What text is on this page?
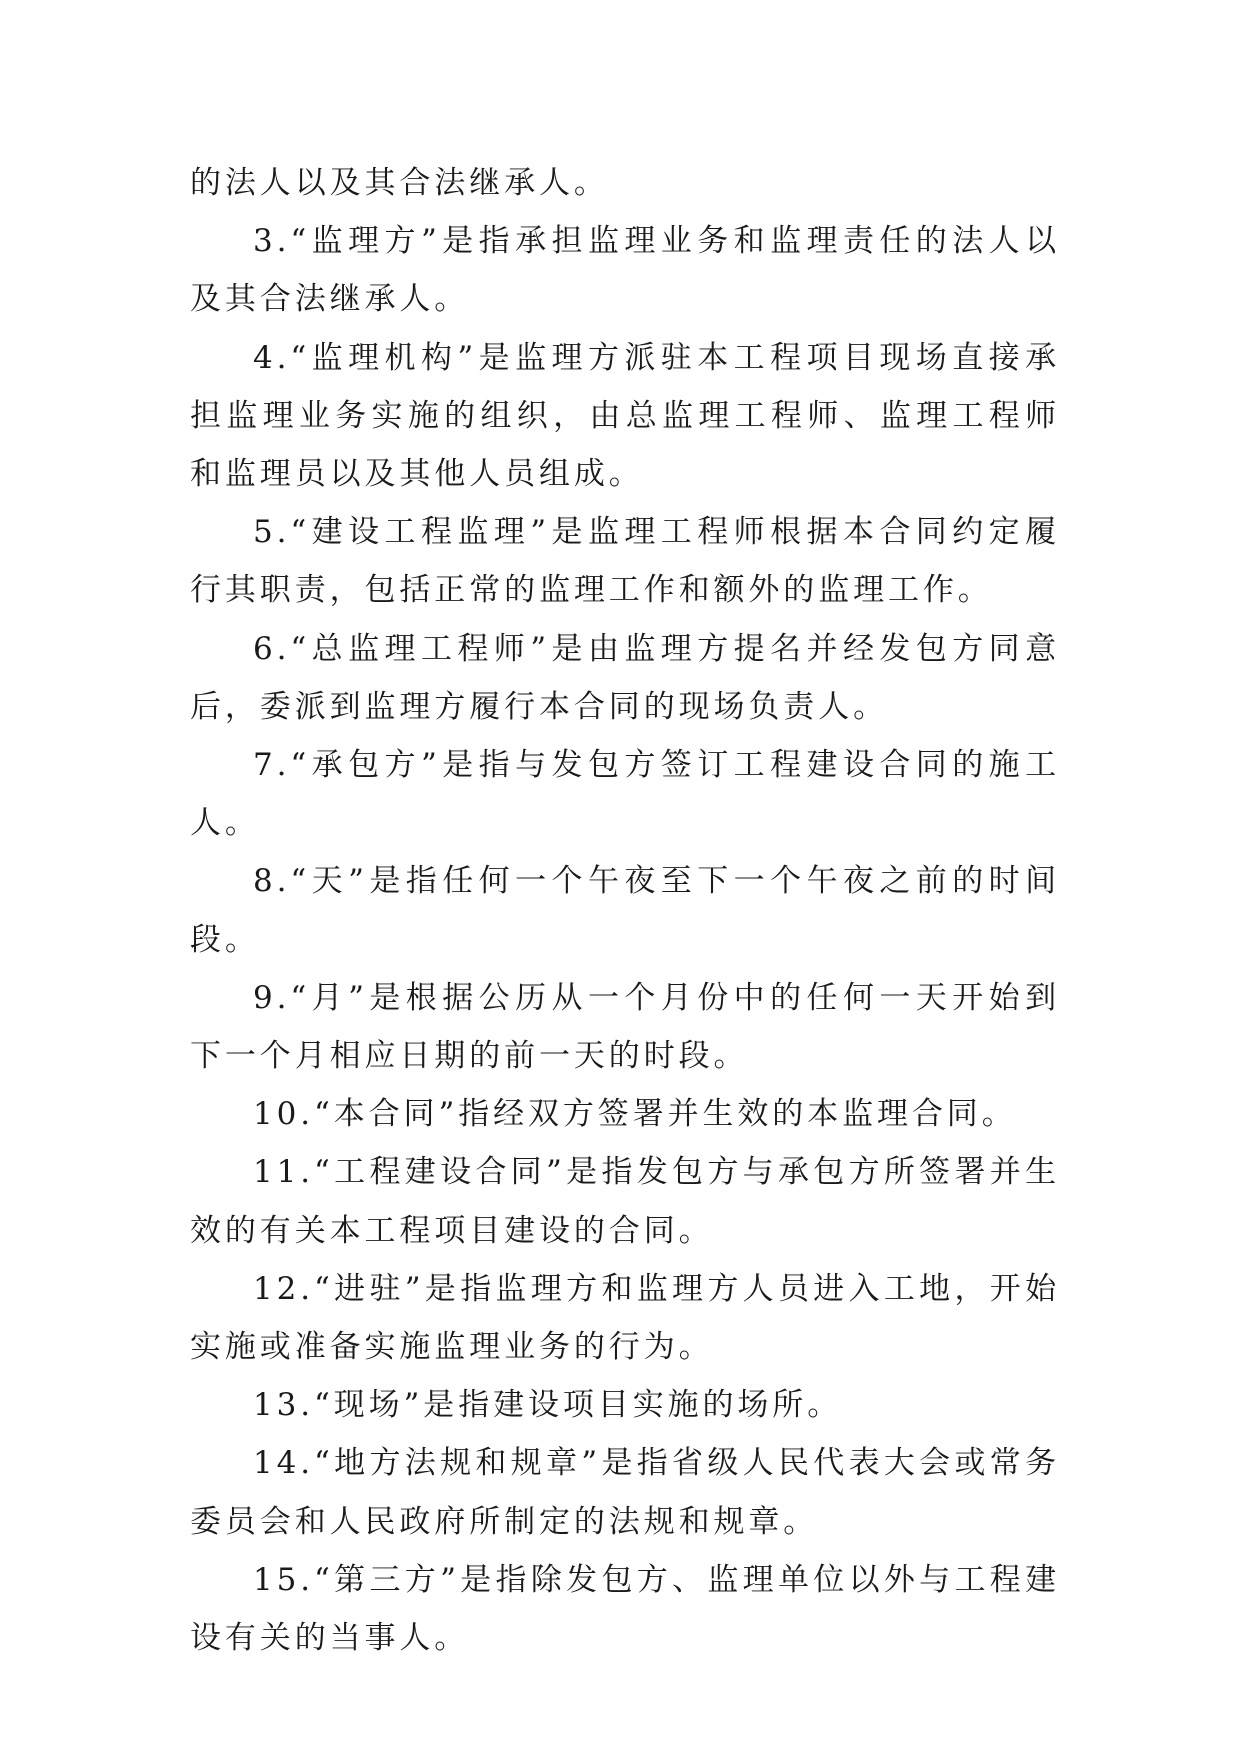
的法人以及其合法继承人。

3.“监理方”是指承担监理业务和监理责任的法人以及其合法继承人。

4.“监理机构”是监理方派驻本工程项目现场直接承担监理业务实施的组织，由总监理工程师、监理工程师和监理员以及其他人员组成。

5.“建设工程监理”是监理工程师根据本合同约定履行其职责，包括正常的监理工作和额外的监理工作。

6.“总监理工程师”是由监理方提名并经发包方同意后，委派到监理方履行本合同的现场负责人。

7.“承包方”是指与发包方签订工程建设合同的施工人。

8.“天”是指任何一个午夜至下一个午夜之前的时间段。

9.“月”是根据公历从一个月份中的任何一天开始到下一个月相应日期的前一天的时段。

10.“本合同”指经双方签署并生效的本监理合同。

11.“工程建设合同”是指发包方与承包方所签署并生效的有关本工程项目建设的合同。

12.“进驻”是指监理方和监理方人员进入工地，开始实施或准备实施监理业务的行为。

13.“现场”是指建设项目实施的场所。

14.“地方法规和规章”是指省级人民代表大会或常务委员会和人民政府所制定的法规和规章。

15.“第三方”是指除发包方、监理单位以外与工程建设有关的当事人。
